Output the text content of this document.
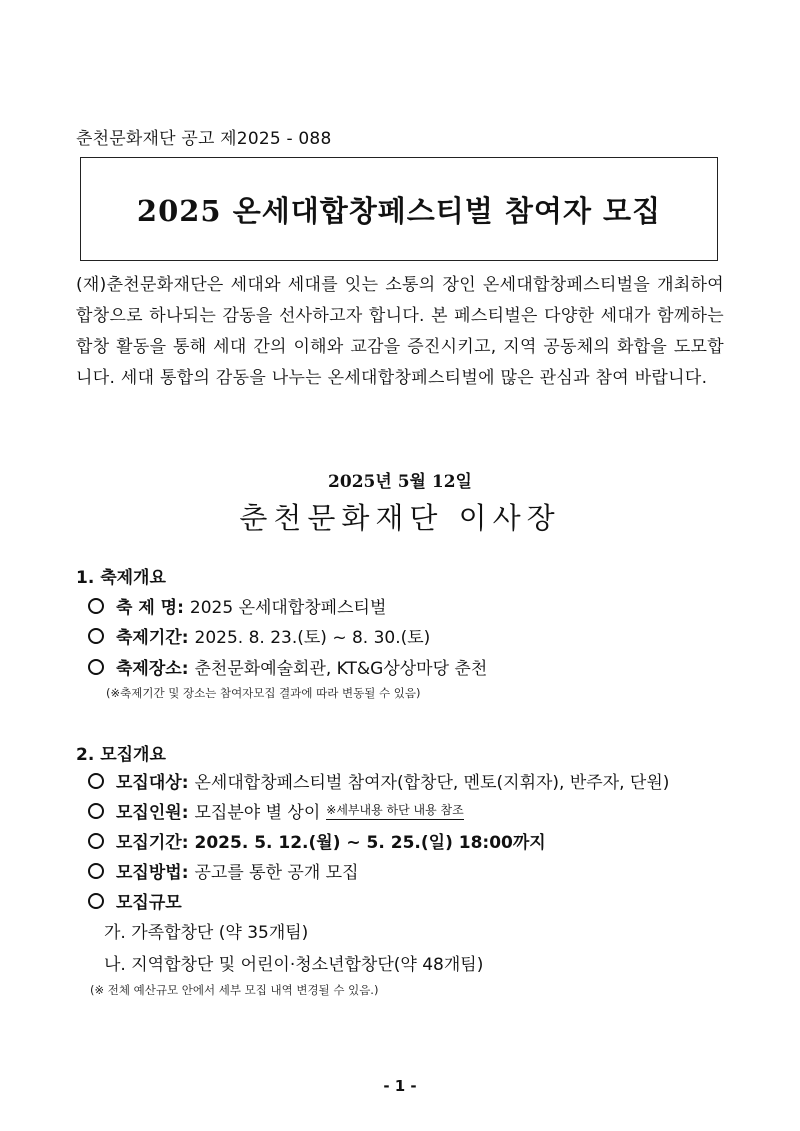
춘천문화재단 공고 제2025 - 088
2025 온세대합창페스티벌 참여자 모집
(재)춘천문화재단은 세대와 세대를 잇는 소통의 장인 온세대합창페스티벌을 개최하여 합창으로 하나되는 감동을 선사하고자 합니다. 본 페스티벌은 다양한 세대가 함께하는 합창 활동을 통해 세대 간의 이해와 교감을 증진시키고, 지역 공동체의 화합을 도모합니다. 세대 통합의 감동을 나누는 온세대합창페스티벌에 많은 관심과 참여 바랍니다.
2025년 5월 12일
춘천문화재단 이사장
1. 축제개요
축 제 명: 2025 온세대합창페스티벌
축제기간: 2025. 8. 23.(토) ~ 8. 30.(토)
축제장소: 춘천문화예술회관, KT&G상상마당 춘천
(※축제기간 및 장소는 참여자모집 결과에 따라 변동될 수 있음)
2. 모집개요
모집대상: 온세대합창페스티벌 참여자(합창단, 멘토(지휘자), 반주자, 단원)
모집인원: 모집분야 별 상이 ※세부내용 하단 내용 참조
모집기간: 2025. 5. 12.(월) ~ 5. 25.(일) 18:00까지
모집방법: 공고를 통한 공개 모집
모집규모
가. 가족합창단 (약 35개팀)
나. 지역합창단 및 어린이·청소년합창단(약 48개팀)
(※ 전체 예산규모 안에서 세부 모집 내역 변경될 수 있음.)
- 1 -
